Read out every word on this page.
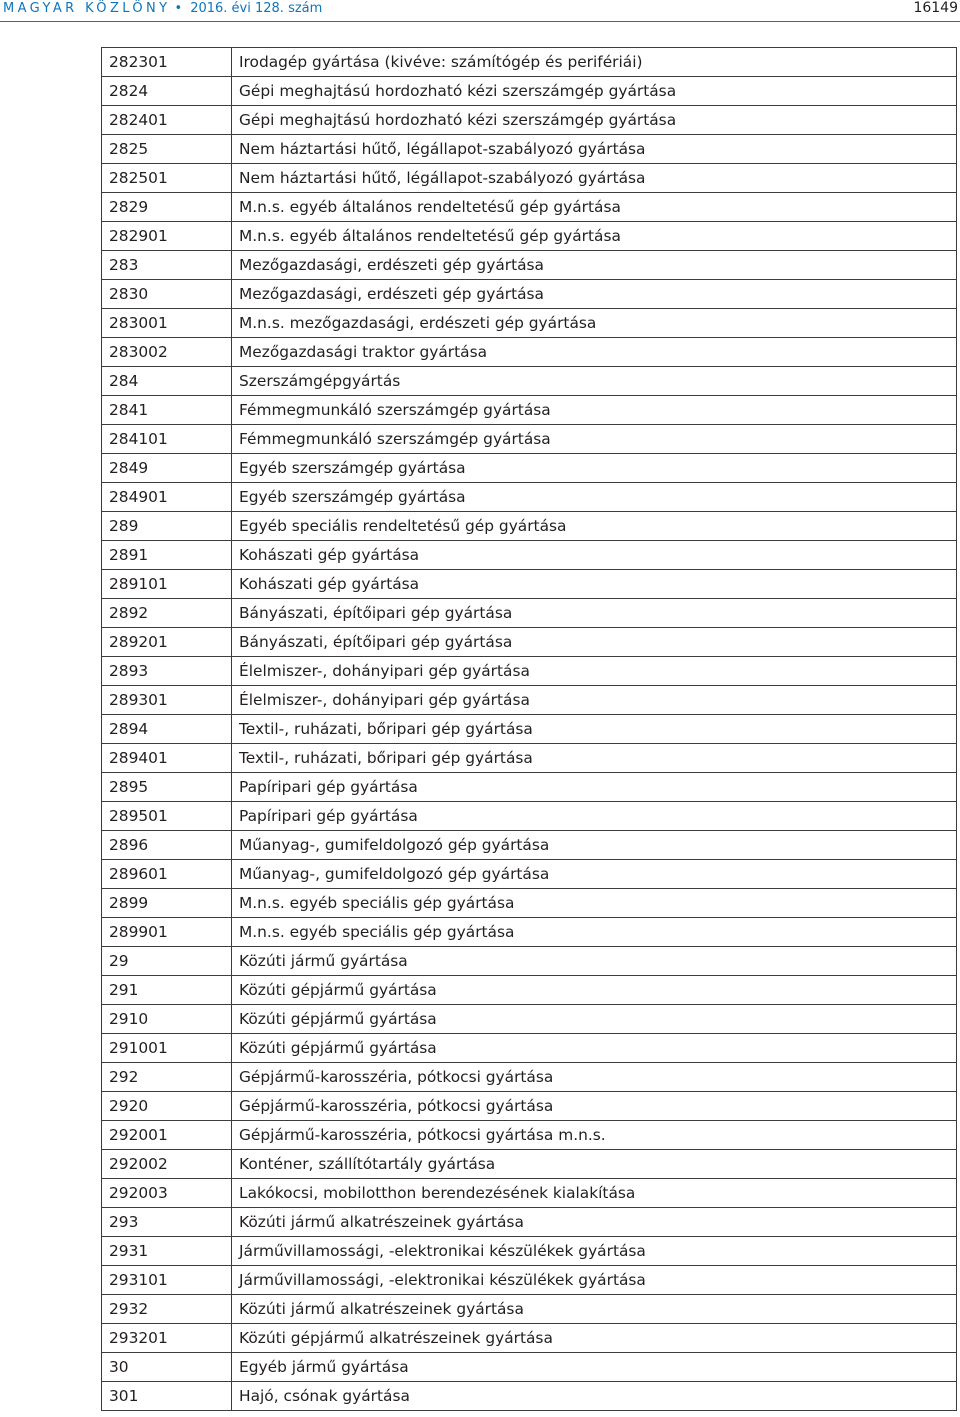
MAGYAR KÖZLÖNY • 2016. évi 128. szám	16149
282301	Irodagép gyártása (kivéve: számítógép és perifériái)
2824	Gépi meghajtású hordozható kézi szerszámgép gyártása
282401	Gépi meghajtású hordozható kézi szerszámgép gyártása
2825	Nem háztartási hűtő, légállapot-szabályozó gyártása
282501	Nem háztartási hűtő, légállapot-szabályozó gyártása
2829	M.n.s. egyéb általános rendeltetésű gép gyártása
282901	M.n.s. egyéb általános rendeltetésű gép gyártása
283	Mezőgazdasági, erdészeti gép gyártása
2830	Mezőgazdasági, erdészeti gép gyártása
283001	M.n.s. mezőgazdasági, erdészeti gép gyártása
283002	Mezőgazdasági traktor gyártása
284	Szerszámgépgyártás
2841	Fémmegmunkáló szerszámgép gyártása
284101	Fémmegmunkáló szerszámgép gyártása
2849	Egyéb szerszámgép gyártása
284901	Egyéb szerszámgép gyártása
289	Egyéb speciális rendeltetésű gép gyártása
2891	Kohászati gép gyártása
289101	Kohászati gép gyártása
2892	Bányászati, építőipari gép gyártása
289201	Bányászati, építőipari gép gyártása
2893	Élelmiszer-, dohányipari gép gyártása
289301	Élelmiszer-, dohányipari gép gyártása
2894	Textil-, ruházati, bőripari gép gyártása
289401	Textil-, ruházati, bőripari gép gyártása
2895	Papíripari gép gyártása
289501	Papíripari gép gyártása
2896	Műanyag-, gumifeldolgozó gép gyártása
289601	Műanyag-, gumifeldolgozó gép gyártása
2899	M.n.s. egyéb speciális gép gyártása
289901	M.n.s. egyéb speciális gép gyártása
29	Közúti jármű gyártása
291	Közúti gépjármű gyártása
2910	Közúti gépjármű gyártása
291001	Közúti gépjármű gyártása
292	Gépjármű-karosszéria, pótkocsi gyártása
2920	Gépjármű-karosszéria, pótkocsi gyártása
292001	Gépjármű-karosszéria, pótkocsi gyártása m.n.s.
292002	Konténer, szállítótartály gyártása
292003	Lakókocsi, mobilotthon berendezésének kialakítása
293	Közúti jármű alkatrészeinek gyártása
2931	Járművillamossági, -elektronikai készülékek gyártása
293101	Járművillamossági, -elektronikai készülékek gyártása
2932	Közúti jármű alkatrészeinek gyártása
293201	Közúti gépjármű alkatrészeinek gyártása
30	Egyéb jármű gyártása
301	Hajó, csónak gyártása
